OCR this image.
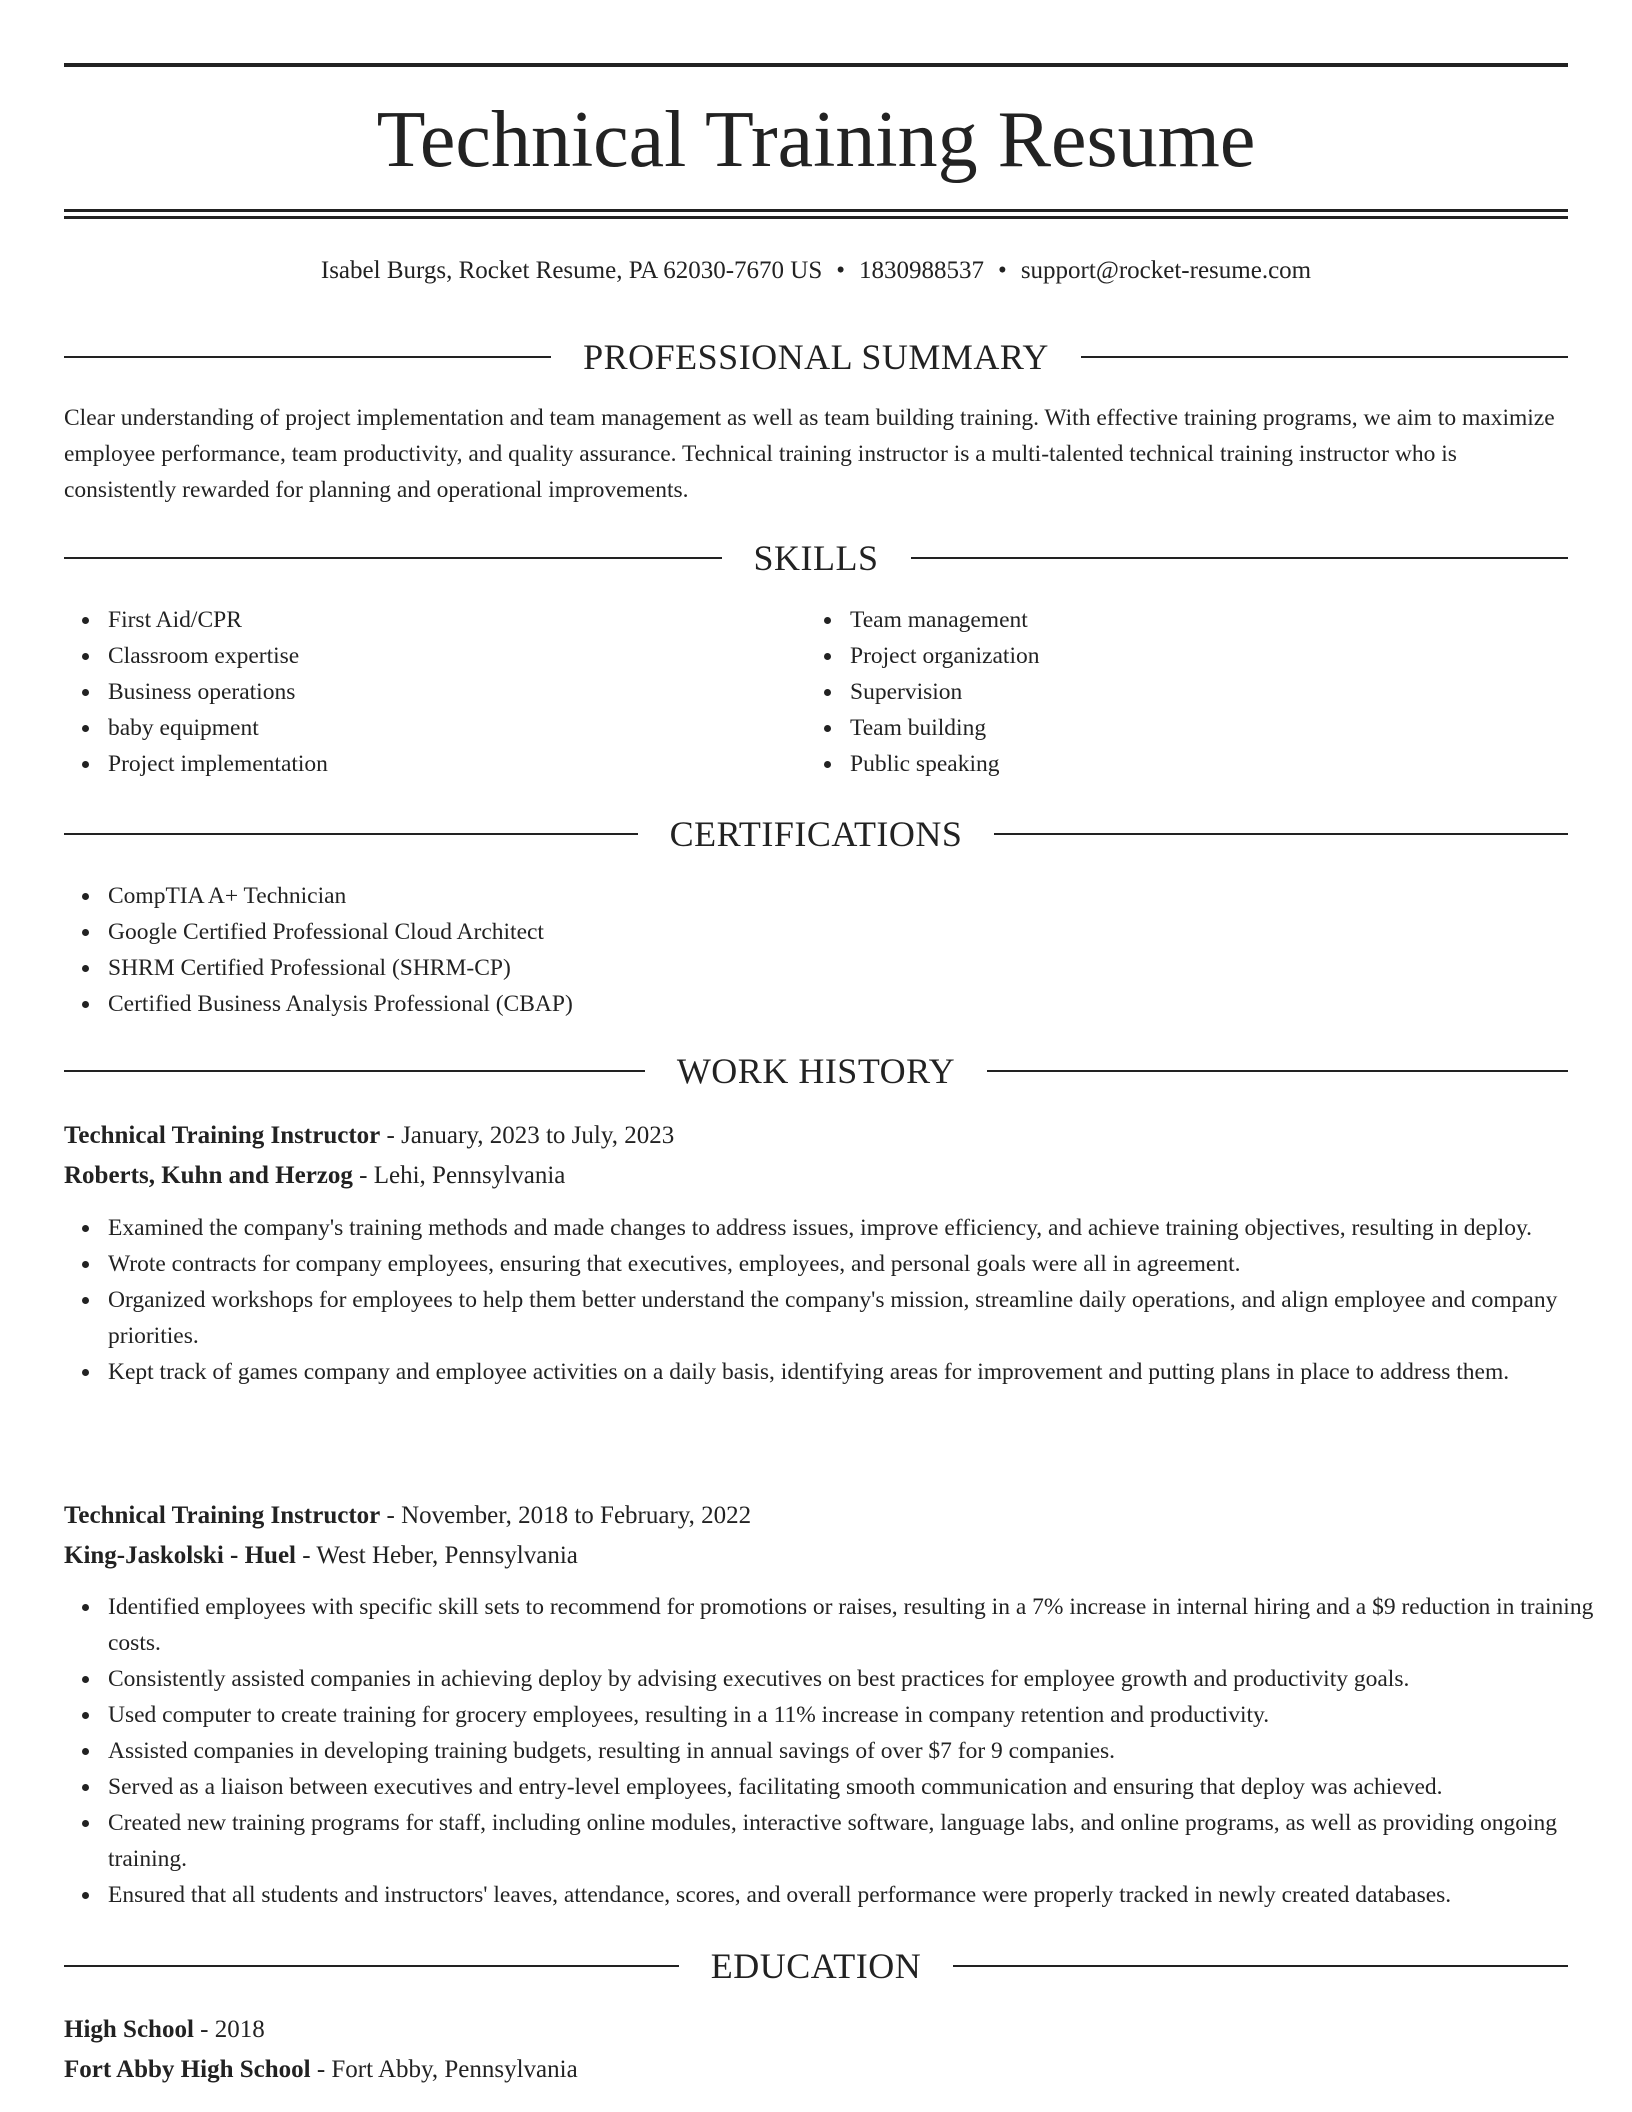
Technical Training Resume
Isabel Burgs, Rocket Resume, PA 62030-7670 US • 1830988537 • support@rocket-resume.com
PROFESSIONAL SUMMARY

Clear understanding of project implementation and team management as well as team building training. With effective training programs, we aim to maximize employee performance, team productivity, and quality assurance. Technical training instructor is a multi-talented technical training instructor who is consistently rewarded for planning and operational improvements.

SKILLS
First Aid/CPR
Classroom expertise
Business operations
baby equipment
Project implementation
Team management
Project organization
Supervision
Team building
Public speaking
CERTIFICATIONS
CompTIA A+ Technician
Google Certified Professional Cloud Architect
SHRM Certified Professional (SHRM-CP)
Certified Business Analysis Professional (CBAP)
WORK HISTORY
Technical Training Instructor - January, 2023 to July, 2023
Roberts, Kuhn and Herzog - Lehi, Pennsylvania
Examined the company's training methods and made changes to address issues, improve efficiency, and achieve training objectives, resulting in deploy.
Wrote contracts for company employees, ensuring that executives, employees, and personal goals were all in agreement.
Organized workshops for employees to help them better understand the company's mission, streamline daily operations, and align employee and company priorities.
Kept track of games company and employee activities on a daily basis, identifying areas for improvement and putting plans in place to address them.
Technical Training Instructor - November, 2018 to February, 2022
King-Jaskolski - Huel - West Heber, Pennsylvania
Identified employees with specific skill sets to recommend for promotions or raises, resulting in a 7% increase in internal hiring and a $9 reduction in training costs.
Consistently assisted companies in achieving deploy by advising executives on best practices for employee growth and productivity goals.
Used computer to create training for grocery employees, resulting in a 11% increase in company retention and productivity.
Assisted companies in developing training budgets, resulting in annual savings of over $7 for 9 companies.
Served as a liaison between executives and entry-level employees, facilitating smooth communication and ensuring that deploy was achieved.
Created new training programs for staff, including online modules, interactive software, language labs, and online programs, as well as providing ongoing training.
Ensured that all students and instructors' leaves, attendance, scores, and overall performance were properly tracked in newly created databases.
EDUCATION
High School - 2018
Fort Abby High School - Fort Abby, Pennsylvania
